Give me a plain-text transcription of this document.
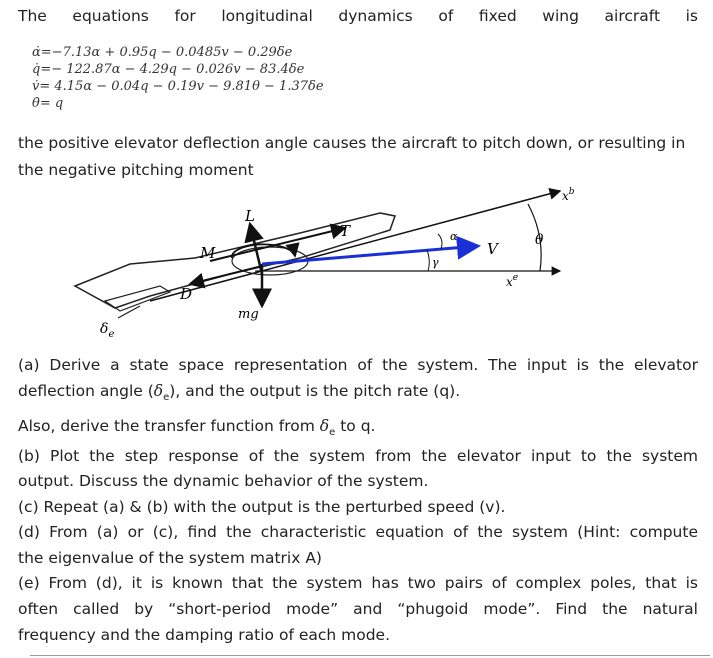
The equations for longitudinal dynamics of fixed wing aircraft is
α̇=−7.13α + 0.95q − 0.0485v − 0.29δe
q̇=− 122.87α − 4.29q − 0.026v − 83.4δe
v̇= 4.15α − 0.04q − 0.19v − 9.81θ − 1.37δe
θ̇= q
the positive elevator deflection angle causes the aircraft to pitch down, or resulting in the negative pitching moment
L
T
M
D
mg
V
α
γ
θ
$x^b$
$x^e$
$\delta_e$
(a) Derive a state space representation of the system. The input is the elevator
deflection angle $(\delta_e)$, and the output is the pitch rate (q).
Also, derive the transfer function from $\delta_e$ to q.
(b) Plot the step response of the system from the elevator input to the system
output. Discuss the dynamic behavior of the system.
(c) Repeat (a) & (b) with the output is the perturbed speed (v).
(d) From (a) or (c), find the characteristic equation of the system (Hint: compute
the eigenvalue of the system matrix A)
(e) From (d), it is known that the system has two pairs of complex poles, that is
often called by “short-period mode” and “phugoid mode”. Find the natural
frequency and the damping ratio of each mode.
